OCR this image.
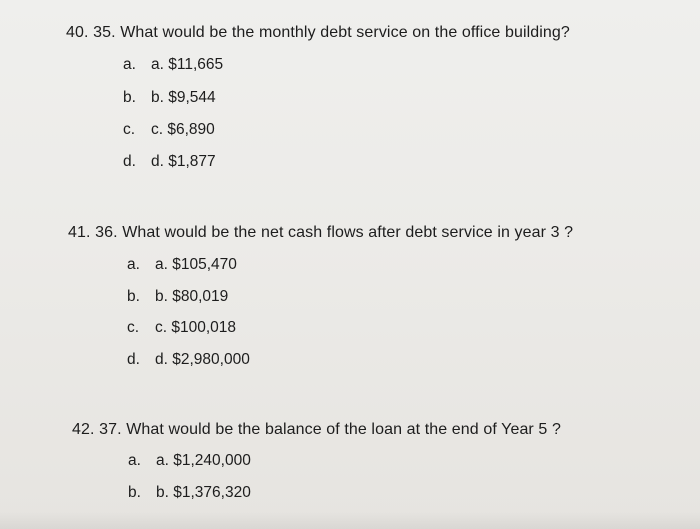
40. 35. What would be the monthly debt service on the office building?
a. a. $11,665
b. b. $9,544
c. c. $6,890
d. d. $1,877
41. 36. What would be the net cash flows after debt service in year 3 ?
a. a. $105,470
b. b. $80,019
c. c. $100,018
d. d. $2,980,000
42. 37. What would be the balance of the loan at the end of Year 5 ?
a. a. $1,240,000
b. b. $1,376,320
